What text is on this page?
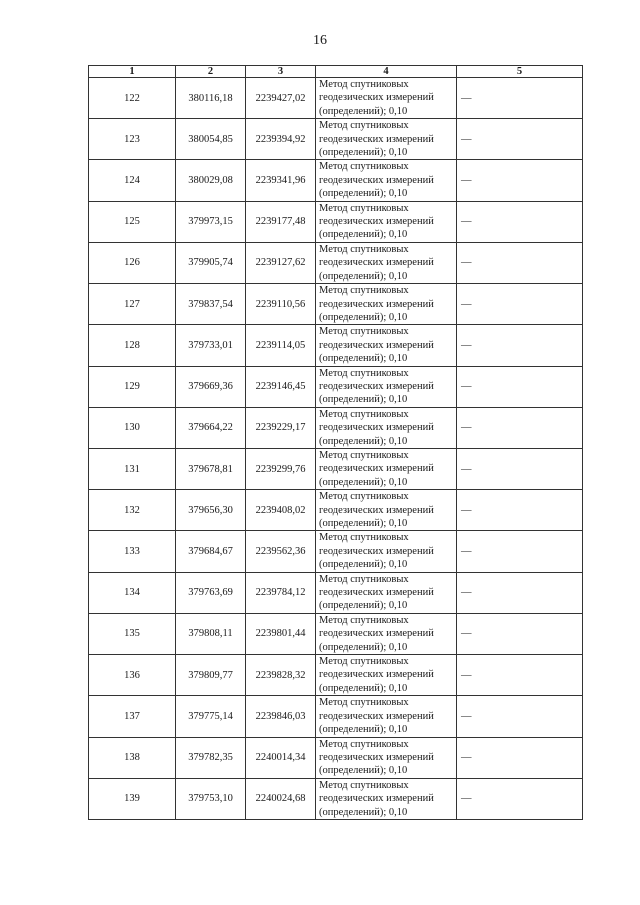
16
1	2	3	4	5
122	380116,18	2239427,02	Метод спутниковых
геодезических измерений
(определений); 0,10	—
123	380054,85	2239394,92	Метод спутниковых
геодезических измерений
(определений); 0,10	—
124	380029,08	2239341,96	Метод спутниковых
геодезических измерений
(определений); 0,10	—
125	379973,15	2239177,48	Метод спутниковых
геодезических измерений
(определений); 0,10	—
126	379905,74	2239127,62	Метод спутниковых
геодезических измерений
(определений); 0,10	—
127	379837,54	2239110,56	Метод спутниковых
геодезических измерений
(определений); 0,10	—
128	379733,01	2239114,05	Метод спутниковых
геодезических измерений
(определений); 0,10	—
129	379669,36	2239146,45	Метод спутниковых
геодезических измерений
(определений); 0,10	—
130	379664,22	2239229,17	Метод спутниковых
геодезических измерений
(определений); 0,10	—
131	379678,81	2239299,76	Метод спутниковых
геодезических измерений
(определений); 0,10	—
132	379656,30	2239408,02	Метод спутниковых
геодезических измерений
(определений); 0,10	—
133	379684,67	2239562,36	Метод спутниковых
геодезических измерений
(определений); 0,10	—
134	379763,69	2239784,12	Метод спутниковых
геодезических измерений
(определений); 0,10	—
135	379808,11	2239801,44	Метод спутниковых
геодезических измерений
(определений); 0,10	—
136	379809,77	2239828,32	Метод спутниковых
геодезических измерений
(определений); 0,10	—
137	379775,14	2239846,03	Метод спутниковых
геодезических измерений
(определений); 0,10	—
138	379782,35	2240014,34	Метод спутниковых
геодезических измерений
(определений); 0,10	—
139	379753,10	2240024,68	Метод спутниковых
геодезических измерений
(определений); 0,10	—
